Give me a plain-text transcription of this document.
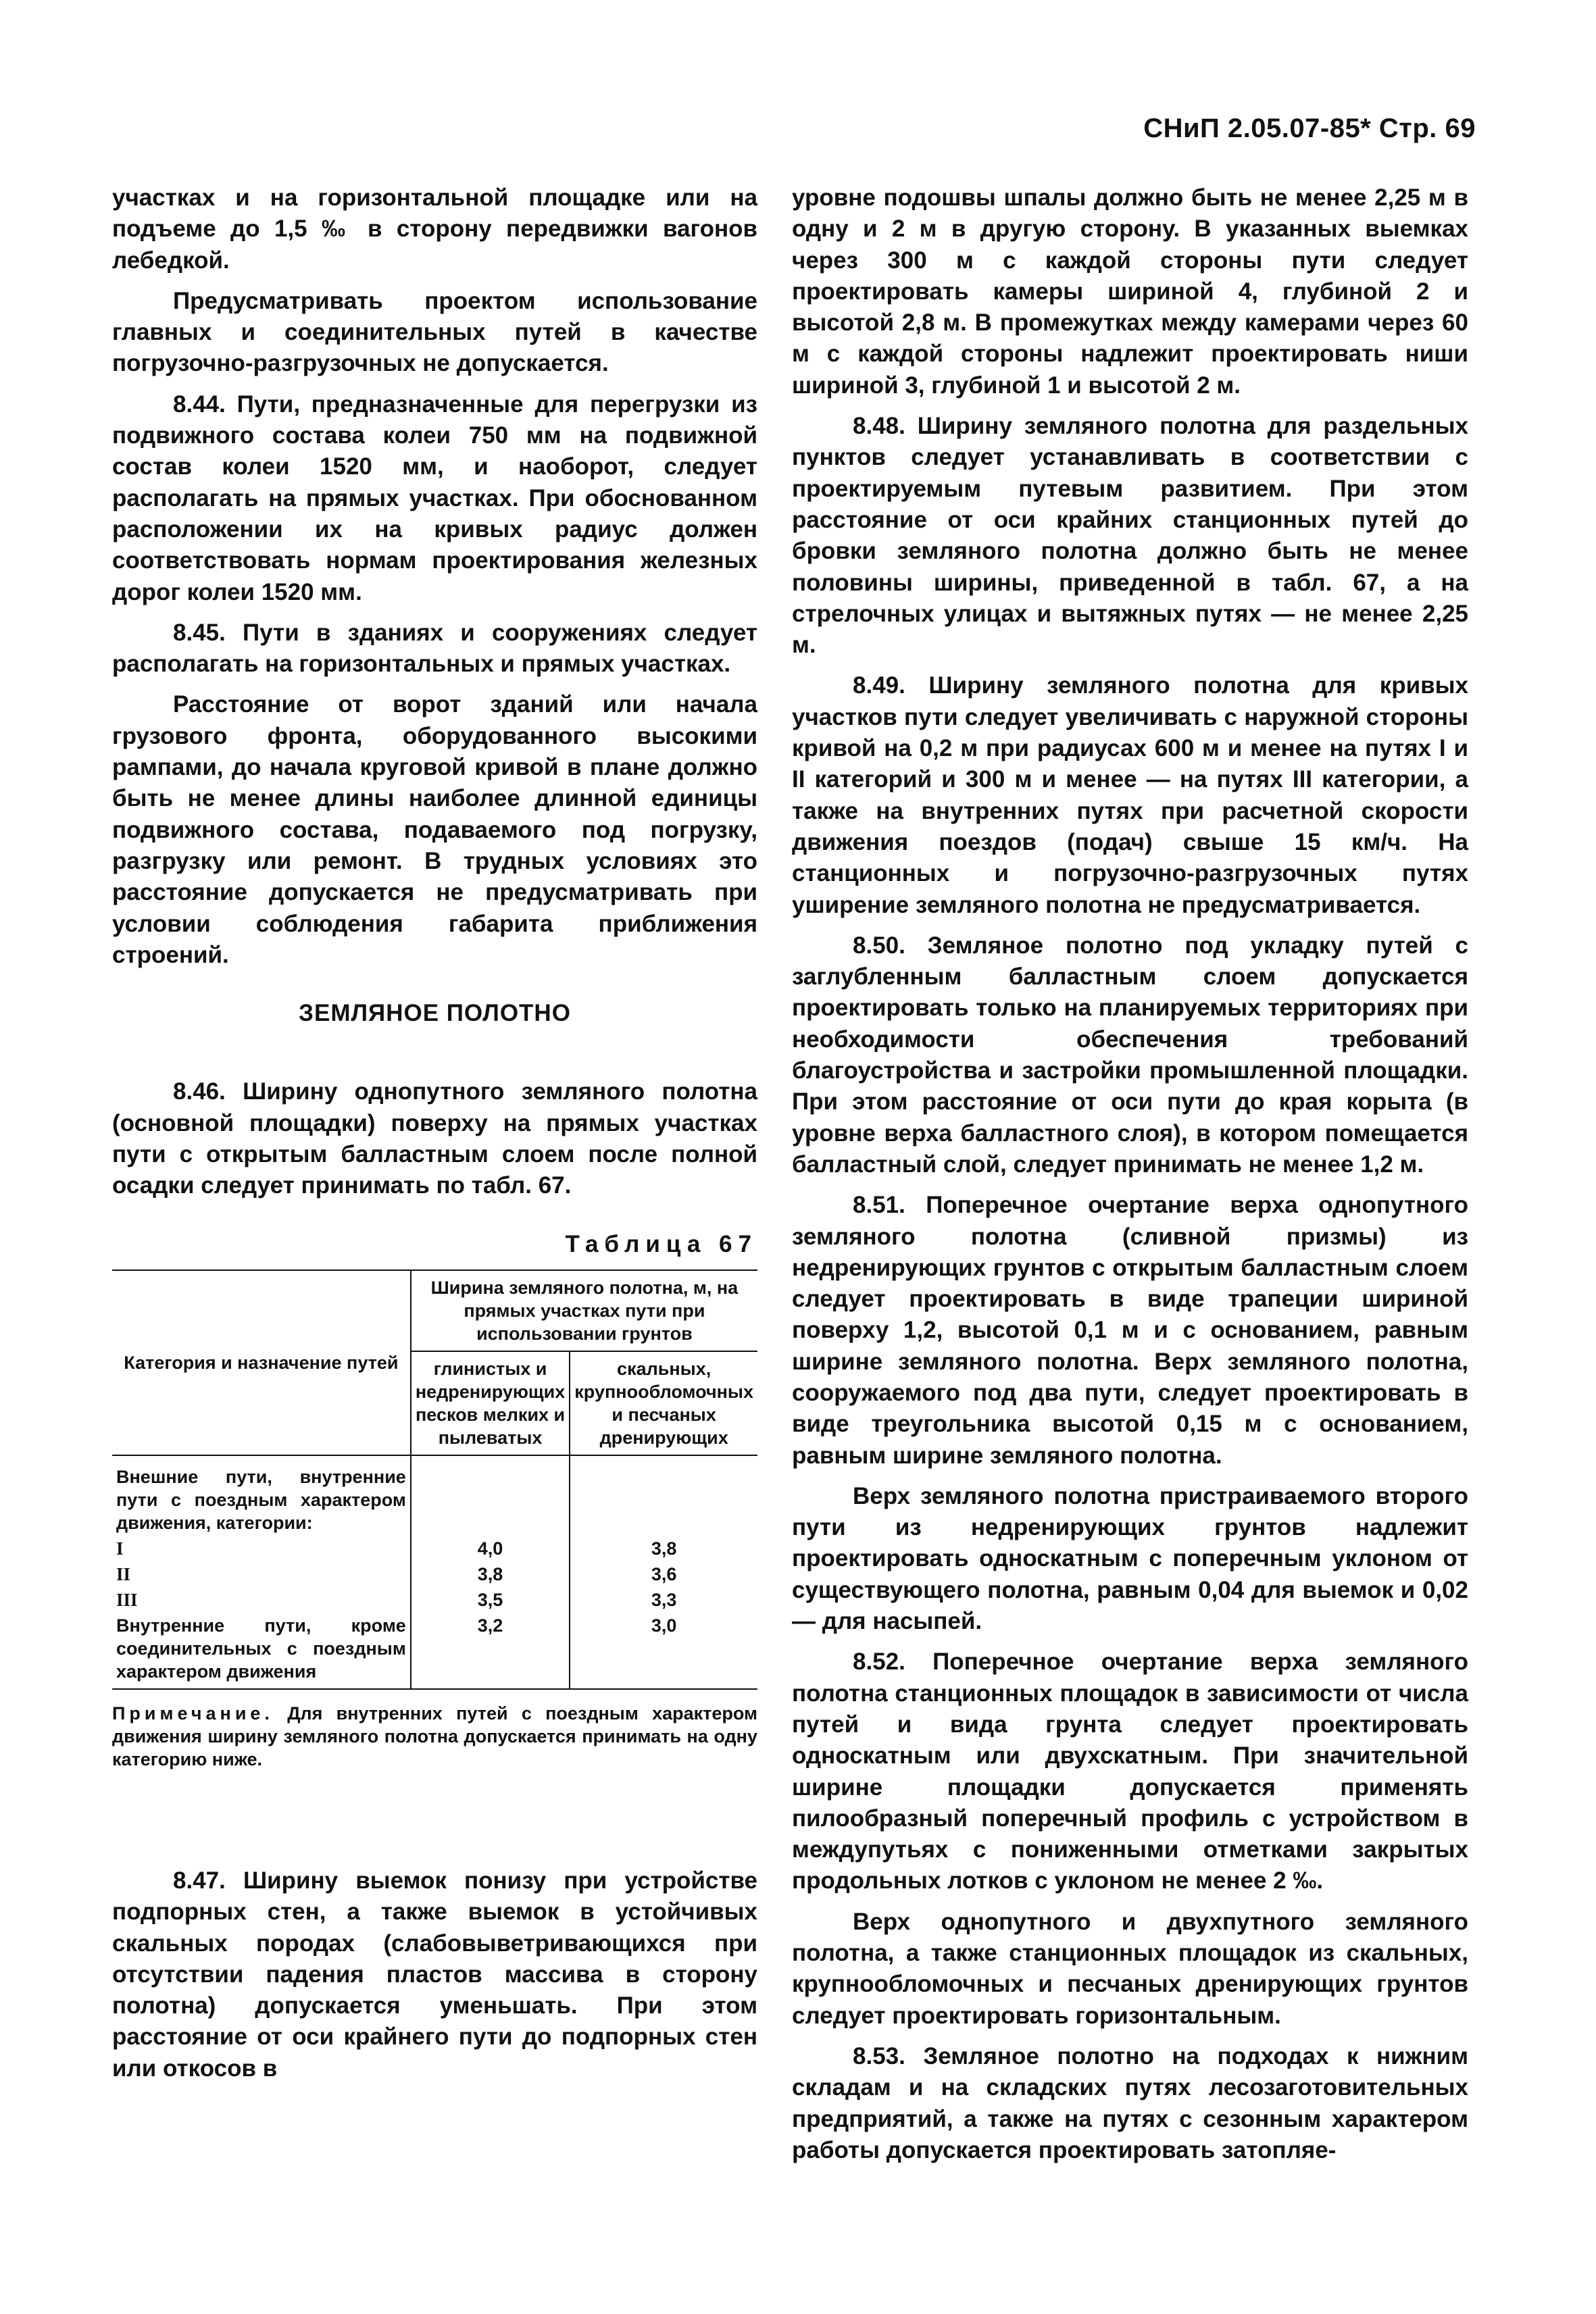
СНиП 2.05.07-85* Стр. 69

участках и на горизонтальной площадке или на подъеме до 1,5 ‰ в сторону передвижки вагонов лебедкой.

Предусматривать проектом использование главных и соединительных путей в качестве погрузочно-разгрузочных не допускается.

8.44. Пути, предназначенные для перегрузки из подвижного состава колеи 750 мм на подвижной состав колеи 1520 мм, и наоборот, следует располагать на прямых участках. При обоснованном расположении их на кривых радиус должен соответствовать нормам проектирования железных дорог колеи 1520 мм.

8.45. Пути в зданиях и сооружениях следует располагать на горизонтальных и прямых участках.

Расстояние от ворот зданий или начала грузового фронта, оборудованного высокими рампами, до начала круговой кривой в плане должно быть не менее длины наиболее длинной единицы подвижного состава, подаваемого под погрузку, разгрузку или ремонт. В трудных условиях это расстояние допускается не предусматривать при условии соблюдения габарита приближения строений.

ЗЕМЛЯНОЕ ПОЛОТНО

8.46. Ширину однопутного земляного полотна (основной площадки) поверху на прямых участках пути с открытым балластным слоем после полной осадки следует принимать по табл. 67.

Таблица 67
Категория и назначение путей	Ширина земляного полотна, м, на прямых участках пути при использовании грунтов	
	глинистых и недренирующих песков мелких и пылеватых	скальных, крупнообломочных и песчаных дренирующих
Внешние пути, внутренние пути с поездным характером движения, категории:		
I	4,0	3,8
II	3,8	3,6
III	3,5	3,3
Внутренние пути, кроме соединительных с поездным характером движения	3,2	3,0
Примечание. Для внутренних путей с поездным характером движения ширину земляного полотна допускается принимать на одну категорию ниже.

8.47. Ширину выемок понизу при устройстве подпорных стен, а также выемок в устойчивых скальных породах (слабовыветривающихся при отсутствии падения пластов массива в сторону полотна) допускается уменьшать. При этом расстояние от оси крайнего пути до подпорных стен или откосов в

уровне подошвы шпалы должно быть не менее 2,25 м в одну и 2 м в другую сторону. В указанных выемках через 300 м с каждой стороны пути следует проектировать камеры шириной 4, глубиной 2 и высотой 2,8 м. В промежутках между камерами через 60 м с каждой стороны надлежит проектировать ниши шириной 3, глубиной 1 и высотой 2 м.

8.48. Ширину земляного полотна для раздельных пунктов следует устанавливать в соответствии с проектируемым путевым развитием. При этом расстояние от оси крайних станционных путей до бровки земляного полотна должно быть не менее половины ширины, приведенной в табл. 67, а на стрелочных улицах и вытяжных путях — не менее 2,25 м.

8.49. Ширину земляного полотна для кривых участков пути следует увеличивать с наружной стороны кривой на 0,2 м при радиусах 600 м и менее на путях I и II категорий и 300 м и менее — на путях III категории, а также на внутренних путях при расчетной скорости движения поездов (подач) свыше 15 км/ч. На станционных и погрузочно-разгрузочных путях уширение земляного полотна не предусматривается.

8.50. Земляное полотно под укладку путей с заглубленным балластным слоем допускается проектировать только на планируемых территориях при необходимости обеспечения требований благоустройства и застройки промышленной площадки. При этом расстояние от оси пути до края корыта (в уровне верха балластного слоя), в котором помещается балластный слой, следует принимать не менее 1,2 м.

8.51. Поперечное очертание верха однопутного земляного полотна (сливной призмы) из недренирующих грунтов с открытым балластным слоем следует проектировать в виде трапеции шириной поверху 1,2, высотой 0,1 м и с основанием, равным ширине земляного полотна. Верх земляного полотна, сооружаемого под два пути, следует проектировать в виде треугольника высотой 0,15 м с основанием, равным ширине земляного полотна.

Верх земляного полотна пристраиваемого второго пути из недренирующих грунтов надлежит проектировать односкатным с поперечным уклоном от существующего полотна, равным 0,04 для выемок и 0,02 — для насыпей.

8.52. Поперечное очертание верха земляного полотна станционных площадок в зависимости от числа путей и вида грунта следует проектировать односкатным или двухскатным. При значительной ширине площадки допускается применять пилообразный поперечный профиль с устройством в междупутьях с пониженными отметками закрытых продольных лотков с уклоном не менее 2 ‰.

Верх однопутного и двухпутного земляного полотна, а также станционных площадок из скальных, крупнообломочных и песчаных дренирующих грунтов следует проектировать горизонтальным.

8.53. Земляное полотно на подходах к нижним складам и на складских путях лесозаготовительных предприятий, а также на путях с сезонным характером работы допускается проектировать затопляе-
